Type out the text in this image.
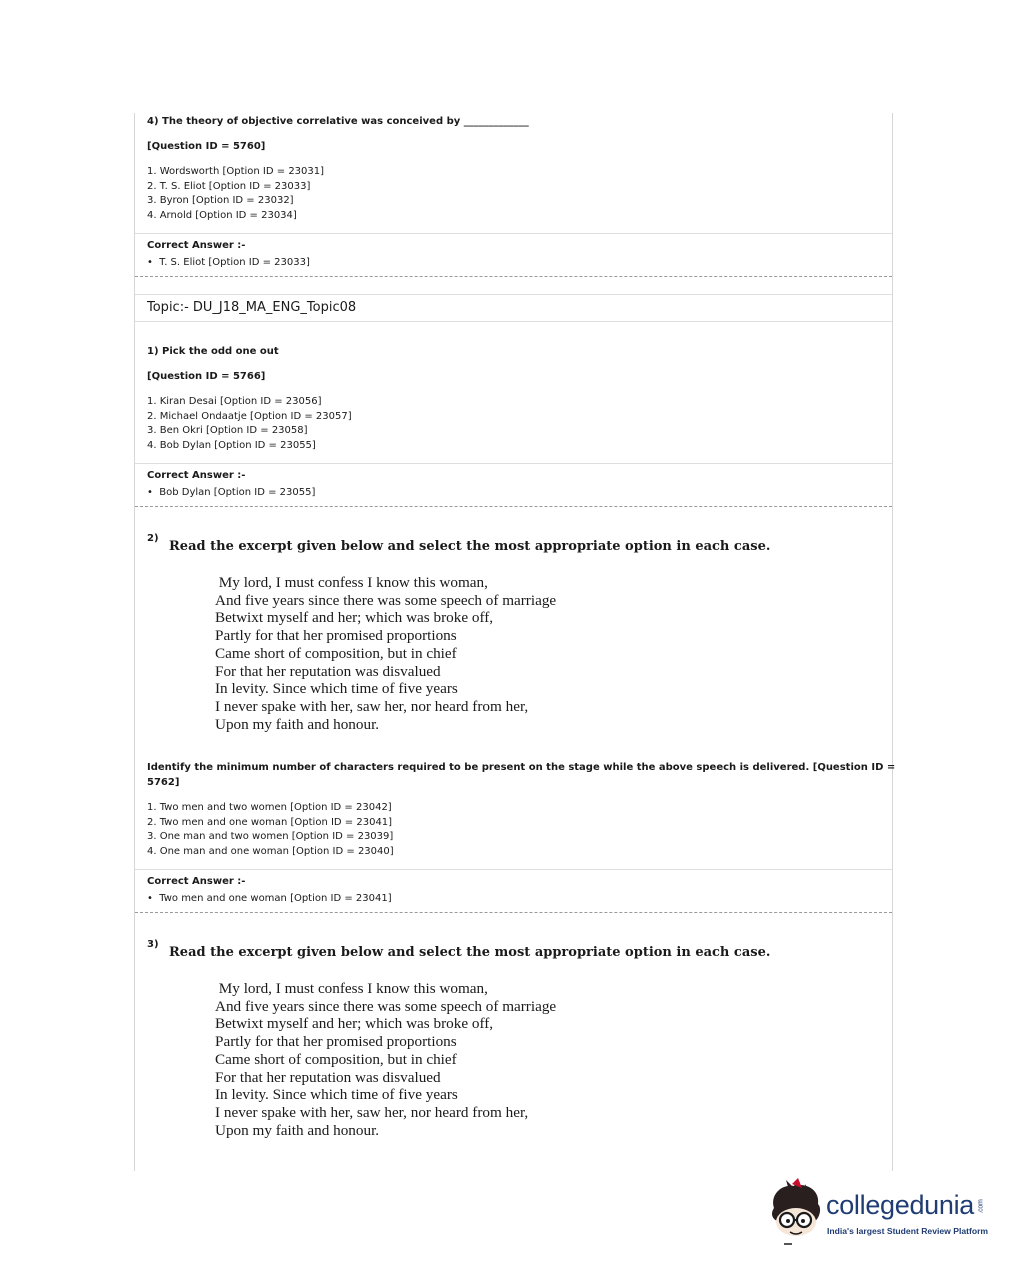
4) The theory of objective correlative was conceived by _____________
[Question ID = 5760]
1. Wordsworth [Option ID = 23031]
2. T. S. Eliot [Option ID = 23033]
3. Byron [Option ID = 23032]
4. Arnold [Option ID = 23034]
Correct Answer :-
• T. S. Eliot [Option ID = 23033]
Topic:- DU_J18_MA_ENG_Topic08
1) Pick the odd one out
[Question ID = 5766]
1. Kiran Desai [Option ID = 23056]
2. Michael Ondaatje [Option ID = 23057]
3. Ben Okri [Option ID = 23058]
4. Bob Dylan [Option ID = 23055]
Correct Answer :-
• Bob Dylan [Option ID = 23055]
2)
Read the excerpt given below and select the most appropriate option in each case.
My lord, I must confess I know this woman,
And five years since there was some speech of marriage
Betwixt myself and her; which was broke off,
Partly for that her promised proportions
Came short of composition, but in chief
For that her reputation was disvalued
In levity. Since which time of five years
I never spake with her, saw her, nor heard from her,
Upon my faith and honour.
Identify the minimum number of characters required to be present on the stage while the above speech is delivered. [Question ID =
5762]
1. Two men and two women [Option ID = 23042]
2. Two men and one woman [Option ID = 23041]
3. One man and two women [Option ID = 23039]
4. One man and one woman [Option ID = 23040]
Correct Answer :-
• Two men and one woman [Option ID = 23041]
3)
Read the excerpt given below and select the most appropriate option in each case.
My lord, I must confess I know this woman,
And five years since there was some speech of marriage
Betwixt myself and her; which was broke off,
Partly for that her promised proportions
Came short of composition, but in chief
For that her reputation was disvalued
In levity. Since which time of five years
I never spake with her, saw her, nor heard from her,
Upon my faith and honour.
collegedunia .com
India's largest Student Review Platform
